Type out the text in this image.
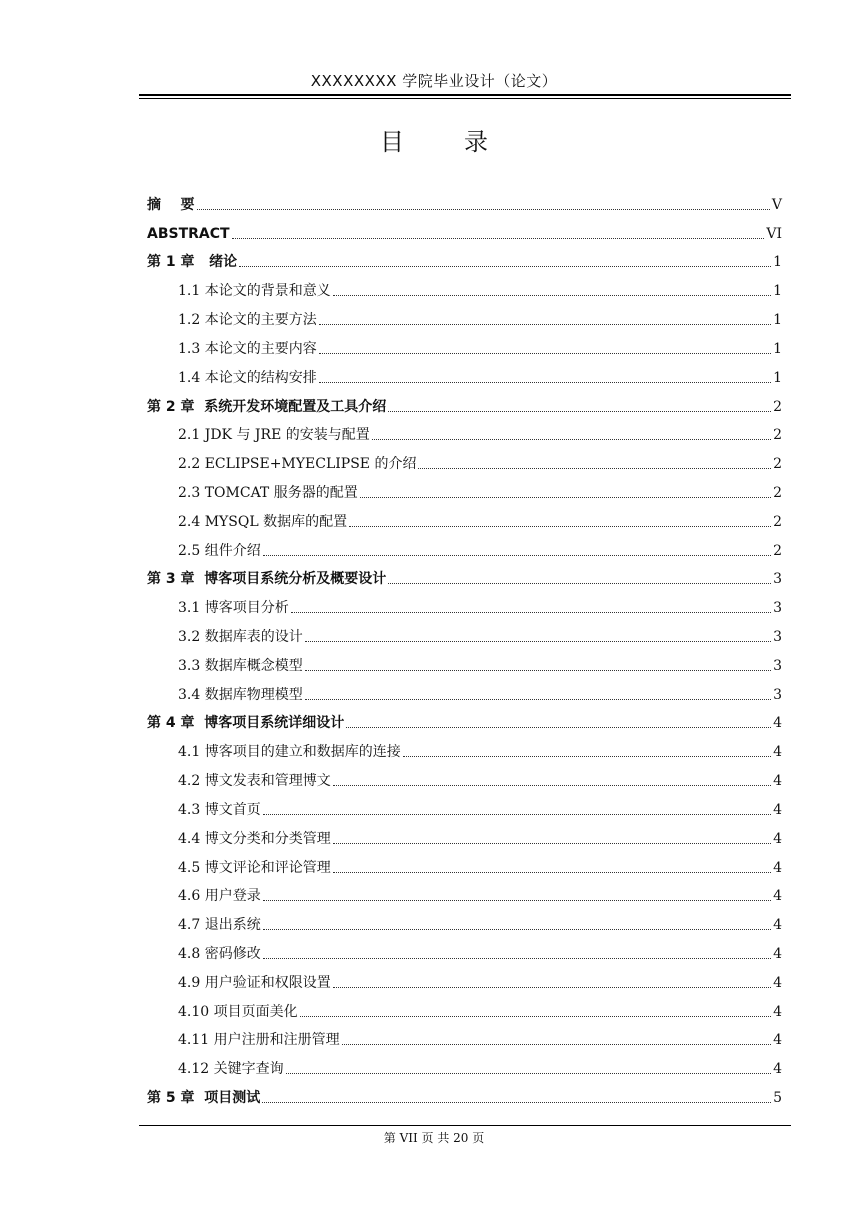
XXXXXXXX 学院毕业设计（论文）
目录
摘    要	V
ABSTRACT	VI
第 1 章   绪论	1
1.1 本论文的背景和意义	1
1.2 本论文的主要方法	1
1.3 本论文的主要内容	1
1.4 本论文的结构安排	1
第 2 章  系统开发环境配置及工具介绍	2
2.1 JDK 与 JRE 的安装与配置	2
2.2 ECLIPSE+MYECLIPSE 的介绍	2
2.3 TOMCAT 服务器的配置	2
2.4 MYSQL 数据库的配置	2
2.5 组件介绍	2
第 3 章  博客项目系统分析及概要设计	3
3.1 博客项目分析	3
3.2 数据库表的设计	3
3.3 数据库概念模型	3
3.4 数据库物理模型	3
第 4 章  博客项目系统详细设计	4
4.1 博客项目的建立和数据库的连接	4
4.2 博文发表和管理博文	4
4.3 博文首页	4
4.4 博文分类和分类管理	4
4.5 博文评论和评论管理	4
4.6 用户登录	4
4.7 退出系统	4
4.8 密码修改	4
4.9 用户验证和权限设置	4
4.10 项目页面美化	4
4.11 用户注册和注册管理	4
4.12 关键字查询	4
第 5 章  项目测试	5
第 VII 页 共 20 页
